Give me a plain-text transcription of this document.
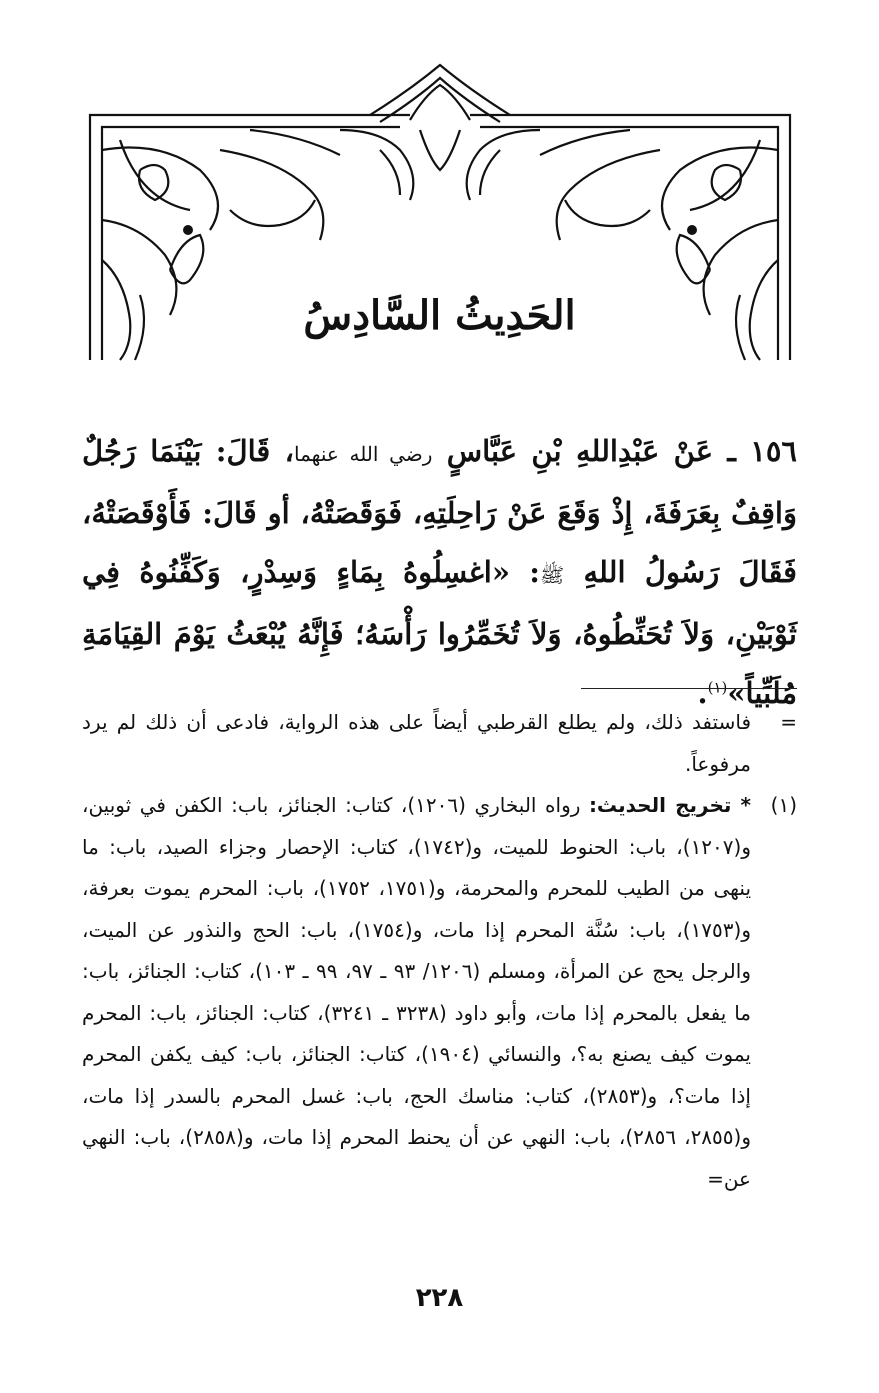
الحَدِيثُ السَّادِسُ

١٥٦ ـ عَنْ عَبْدِاللهِ بْنِ عَبَّاسٍ رضي الله عنهما، قَالَ: بَيْنَمَا رَجُلٌ وَاقِفٌ بِعَرَفَةَ، إِذْ وَقَعَ عَنْ رَاحِلَتِهِ، فَوَقَصَتْهُ، أو قَالَ: فَأَوْقَصَتْهُ، فَقَالَ رَسُولُ اللهِ ﷺ: «اغسِلُوهُ بِمَاءٍ وَسِدْرٍ، وَكَفِّنُوهُ فِي ثَوْبَيْنِ، وَلاَ تُحَنِّطُوهُ، وَلاَ تُخَمِّرُوا رَأْسَهُ؛ فَإِنَّهُ يُبْعَثُ يَوْمَ القِيَامَةِ مُلَبِّياً»$^{(١)}$.

=
فاستفد ذلك، ولم يطلع القرطبي أيضاً على هذه الرواية، فادعى أن ذلك لم يرد مرفوعاً.

(١)
* تخريج الحديث: رواه البخاري (١٢٠٦)، كتاب: الجنائز، باب: الكفن في ثوبين، و(١٢٠٧)، باب: الحنوط للميت، و(١٧٤٢)، كتاب: الإحصار وجزاء الصيد، باب: ما ينهى من الطيب للمحرم والمحرمة، و(١٧٥١، ١٧٥٢)، باب: المحرم يموت بعرفة، و(١٧٥٣)، باب: سُنَّة المحرم إذا مات، و(١٧٥٤)، باب: الحج والنذور عن الميت، والرجل يحج عن المرأة، ومسلم (١٢٠٦/ ٩٣ ـ ٩٧، ٩٩ ـ ١٠٣)، كتاب: الجنائز، باب: ما يفعل بالمحرم إذا مات، وأبو داود (٣٢٣٨ ـ ٣٢٤١)، كتاب: الجنائز، باب: المحرم يموت كيف يصنع به؟، والنسائي (١٩٠٤)، كتاب: الجنائز، باب: كيف يكفن المحرم إذا مات؟، و(٢٨٥٣)، كتاب: مناسك الحج، باب: غسل المحرم بالسدر إذا مات، و(٢٨٥٥، ٢٨٥٦)، باب: النهي عن أن يحنط المحرم إذا مات، و(٢٨٥٨)، باب: النهي عن=

٢٢٨
